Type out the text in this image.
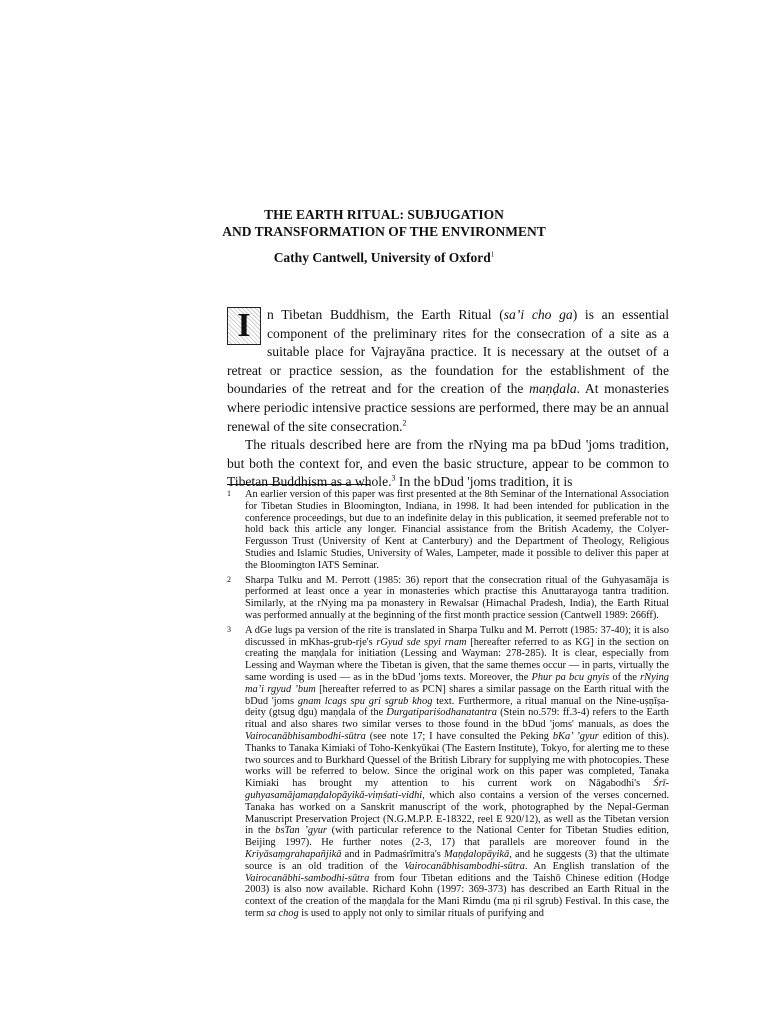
THE EARTH RITUAL: SUBJUGATION
AND TRANSFORMATION OF THE ENVIRONMENT
Cathy Cantwell, University of Oxford$^1$

I	n Tibetan Buddhism, the Earth Ritual (sa’i cho ga) is an essential component of the preliminary rites for the consecration of a site as a suitable place for Vajrayāna practice. It is necessary at the outset of a retreat or practice session, as the foundation for the establishment of the boundaries of the retreat and for the creation of the maṇḍala. At monasteries where periodic intensive practice sessions are performed, there may be an annual renewal of the site consecration.$^2$

The rituals described here are from the rNying ma pa bDud 'joms tradition, but both the context for, and even the basic structure, appear to be common to Tibetan Buddhism as a whole.$^3$ In the bDud 'joms tradition, it is

1 An earlier version of this paper was first presented at the 8th Seminar of the International Association for Tibetan Studies in Bloomington, Indiana, in 1998. It had been intended for publication in the conference proceedings, but due to an indefinite delay in this publication, it seemed preferable not to hold back this article any longer. Financial assistance from the British Academy, the Colyer-Fergusson Trust (University of Kent at Canterbury) and the Department of Theology, Religious Studies and Islamic Studies, University of Wales, Lampeter, made it possible to deliver this paper at the Bloomington IATS Seminar.
2 Sharpa Tulku and M. Perrott (1985: 36) report that the consecration ritual of the Guhyasamāja is performed at least once a year in monasteries which practise this Anuttarayoga tantra tradition. Similarly, at the rNying ma pa monastery in Rewalsar (Himachal Pradesh, India), the Earth Ritual was performed annually at the beginning of the first month practice session (Cantwell 1989: 266ff).
3 A dGe lugs pa version of the rite is translated in Sharpa Tulku and M. Perrott (1985: 37-40); it is also discussed in mKhas-grub-rje's rGyud sde spyi rnam [hereafter referred to as KG] in the section on creating the maṇḍala for initiation (Lessing and Wayman: 278-285). It is clear, especially from Lessing and Wayman where the Tibetan is given, that the same themes occur — in parts, virtually the same wording is used — as in the bDud 'joms texts. Moreover, the Phur pa bcu gnyis of the rNying ma’i rgyud ’bum [hereafter referred to as PCN] shares a similar passage on the Earth ritual with the bDud 'joms gnam lcags spu gri sgrub khog text. Furthermore, a ritual manual on the Nine-uṣṇīṣa-deity (gtsug dgu) maṇḍala of the Durgatipariśodhanatantra (Stein no.579: ff.3-4) refers to the Earth ritual and also shares two similar verses to those found in the bDud 'joms' manuals, as does the Vairocanābhisambodhi-sūtra (see note 17; I have consulted the Peking bKa’ ’gyur edition of this). Thanks to Tanaka Kimiaki of Toho-Kenkyūkai (The Eastern Institute), Tokyo, for alerting me to these two sources and to Burkhard Quessel of the British Library for supplying me with photocopies. These works will be referred to below. Since the original work on this paper was completed, Tanaka Kimiaki has brought my attention to his current work on Nāgabodhi's Śrī-guhyasamājamaṇḍalopāyikā-viṃśati-vidhi, which also contains a version of the verses concerned. Tanaka has worked on a Sanskrit manuscript of the work, photographed by the Nepal-German Manuscript Preservation Project (N.G.M.P.P. E-18322, reel E 920/12), as well as the Tibetan version in the bsTan ’gyur (with particular reference to the National Center for Tibetan Studies edition, Beijing 1997). He further notes (2-3, 17) that parallels are moreover found in the Kriyāsaṃgrahapañjikā and in Padmaśrīmitra's Maṇḍalopāyikā, and he suggests (3) that the ultimate source is an old tradition of the Vairocanābhisambodhi-sūtra. An English translation of the Vairocanābhi-sambodhi-sūtra from four Tibetan editions and the Taishō Chinese edition (Hodge 2003) is also now available. Richard Kohn (1997: 369-373) has described an Earth Ritual in the context of the creation of the maṇḍala for the Mani Rimdu (ma ṇi ril sgrub) Festival. In this case, the term sa chog is used to apply not only to similar rituals of purifying and
